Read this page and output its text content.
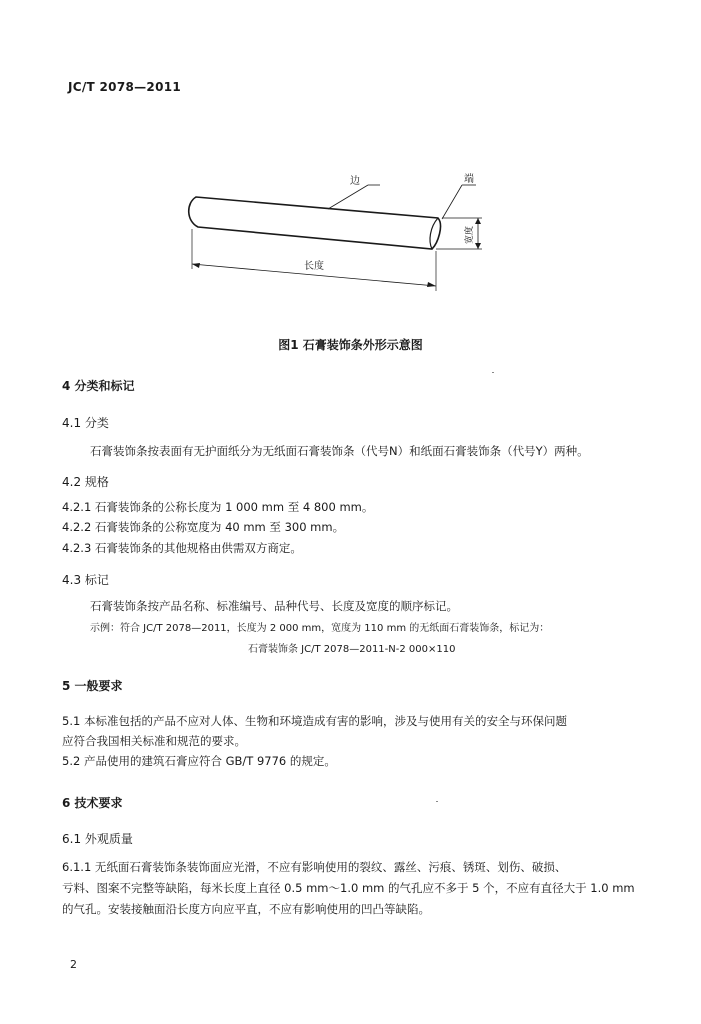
JC/T 2078—2011
边	端
宽度
长度
图1 石膏装饰条外形示意图
4 分类和标记
4.1 分类
石膏装饰条按表面有无护面纸分为无纸面石膏装饰条（代号N）和纸面石膏装饰条（代号Y）两种。
4.2 规格
4.2.1 石膏装饰条的公称长度为 1 000 mm 至 4 800 mm。
4.2.2 石膏装饰条的公称宽度为 40 mm 至 300 mm。
4.2.3 石膏装饰条的其他规格由供需双方商定。
4.3 标记
石膏装饰条按产品名称、标准编号、品种代号、长度及宽度的顺序标记。
示例：符合 JC/T 2078—2011，长度为 2 000 mm，宽度为 110 mm 的无纸面石膏装饰条，标记为：
石膏装饰条 JC/T 2078—2011-N-2 000×110
5 一般要求
5.1 本标准包括的产品不应对人体、生物和环境造成有害的影响，涉及与使用有关的安全与环保问题
应符合我国相关标准和规范的要求。
5.2 产品使用的建筑石膏应符合 GB/T 9776 的规定。
6 技术要求
6.1 外观质量
6.1.1 无纸面石膏装饰条装饰面应光滑，不应有影响使用的裂纹、露丝、污痕、锈斑、划伤、破损、
亏料、图案不完整等缺陷，每米长度上直径 0.5 mm～1.0 mm 的气孔应不多于 5 个，不应有直径大于 1.0 mm
的气孔。安装接触面沿长度方向应平直，不应有影响使用的凹凸等缺陷。
2
